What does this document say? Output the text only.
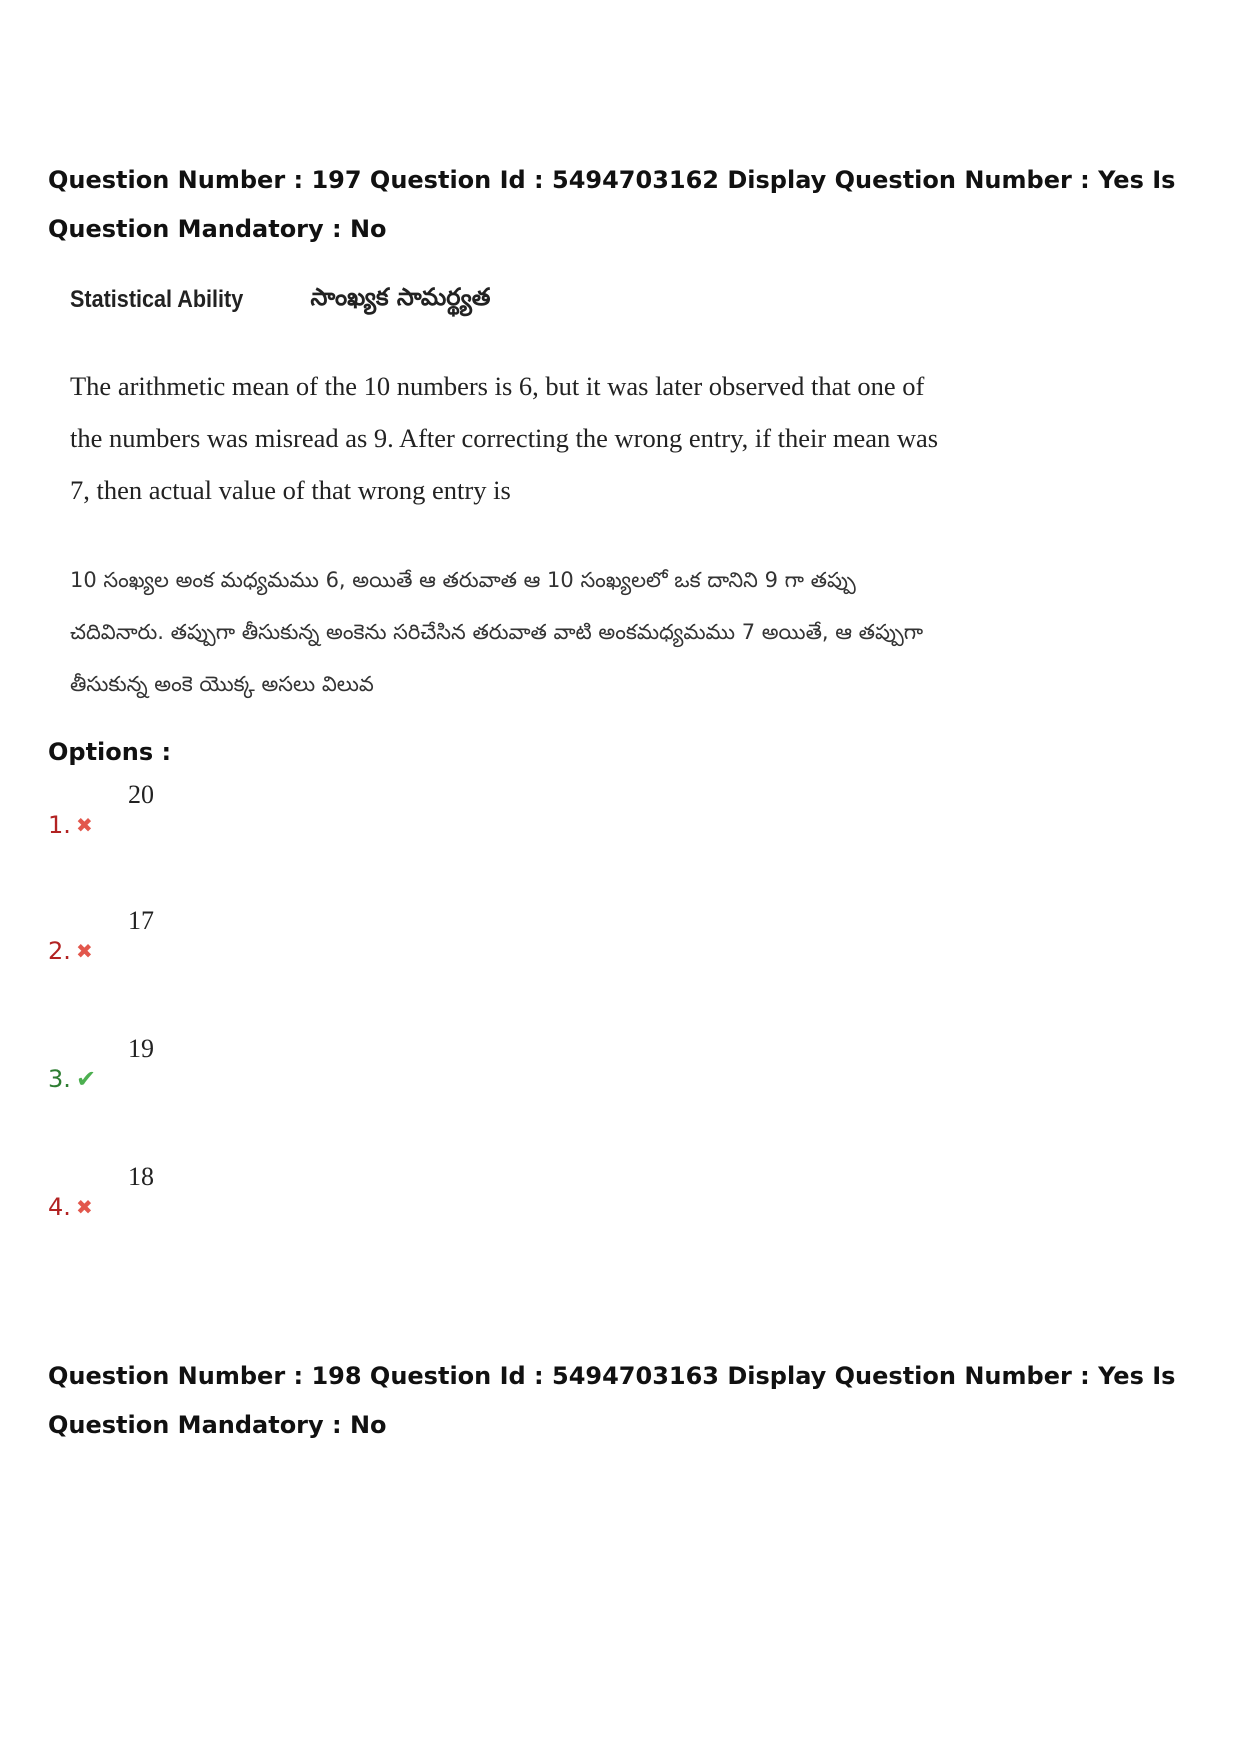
Question Number : 197 Question Id : 5494703162 Display Question Number : Yes Is Question Mandatory : No

Statistical Ability	సాంఖ్యక సామర్థ్యత

The arithmetic mean of the 10 numbers is 6, but it was later observed that one of the numbers was misread as 9. After correcting the wrong entry, if their mean was 7, then actual value of that wrong entry is

10 సంఖ్యల అంక మధ్యమము 6, అయితే ఆ తరువాత ఆ 10 సంఖ్యలలో ఒక దానిని 9 గా తప్పు చదివినారు. తప్పుగా తీసుకున్న అంకెను సరిచేసిన తరువాత వాటి అంకమధ్యమము 7 అయితే, ఆ తప్పుగా తీసుకున్న అంకె యొక్క అసలు విలువ

Options :
1. ✖
20
2. ✖
17
3. ✔
19
4. ✖
18

Question Number : 198 Question Id : 5494703163 Display Question Number : Yes Is Question Mandatory : No
